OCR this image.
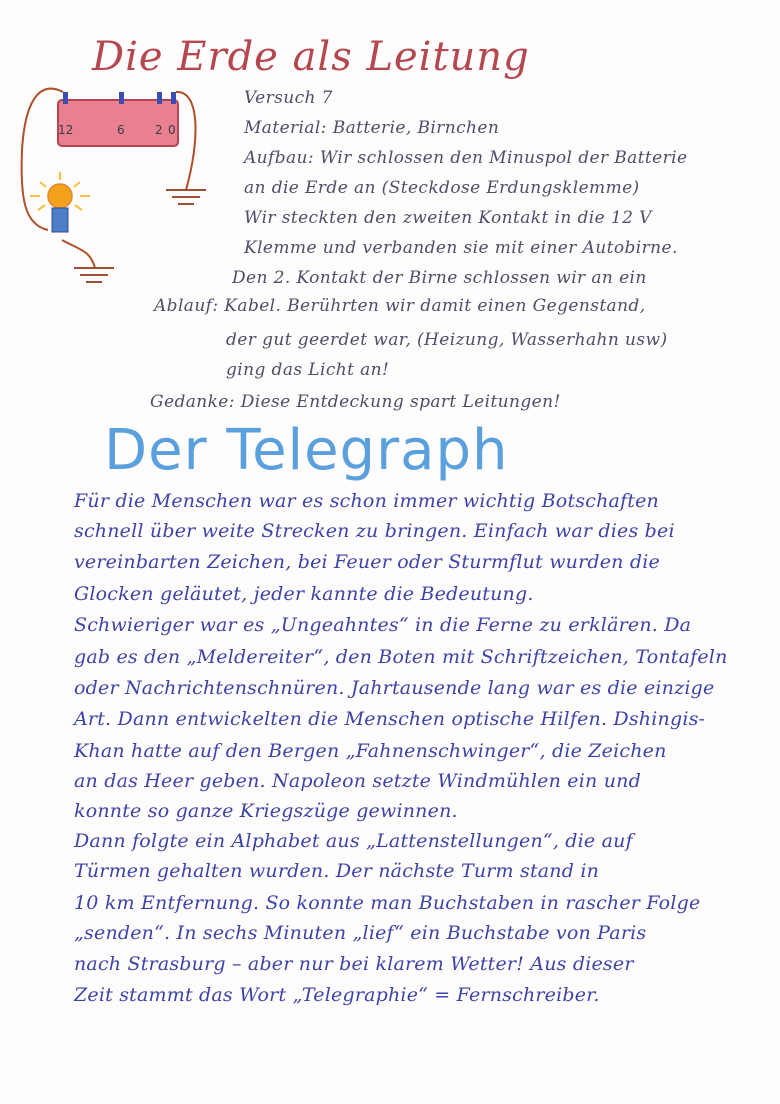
Die Erde als Leitung
12	6	2 0
Versuch 7
Material: Batterie, Birnchen
Aufbau: Wir schlossen den Minuspol der Batterie
an die Erde an (Steckdose Erdungsklemme)
Wir steckten den zweiten Kontakt in die 12 V
Klemme und verbanden sie mit einer Autobirne.
Den 2. Kontakt der Birne schlossen wir an ein
Ablauf: Kabel. Berührten wir damit einen Gegenstand,
der gut geerdet war, (Heizung, Wasserhahn usw)
ging das Licht an!
Gedanke: Diese Entdeckung spart Leitungen!
Der Telegraph
Für die Menschen war es schon immer wichtig Botschaften
schnell über weite Strecken zu bringen. Einfach war dies bei
vereinbarten Zeichen, bei Feuer oder Sturmflut wurden die
Glocken geläutet, jeder kannte die Bedeutung.
Schwieriger war es „Ungeahntes“ in die Ferne zu erklären. Da
gab es den „Meldereiter“, den Boten mit Schriftzeichen, Tontafeln
oder Nachrichtenschnüren. Jahrtausende lang war es die einzige
Art. Dann entwickelten die Menschen optische Hilfen. Dshingis-
Khan hatte auf den Bergen „Fahnenschwinger“, die Zeichen
an das Heer geben. Napoleon setzte Windmühlen ein und
konnte so ganze Kriegszüge gewinnen.
Dann folgte ein Alphabet aus „Lattenstellungen“, die auf
Türmen gehalten wurden. Der nächste Turm stand in
10 km Entfernung. So konnte man Buchstaben in rascher Folge
„senden“. In sechs Minuten „lief“ ein Buchstabe von Paris
nach Strasburg – aber nur bei klarem Wetter! Aus dieser
Zeit stammt das Wort „Telegraphie“ = Fernschreiber.
